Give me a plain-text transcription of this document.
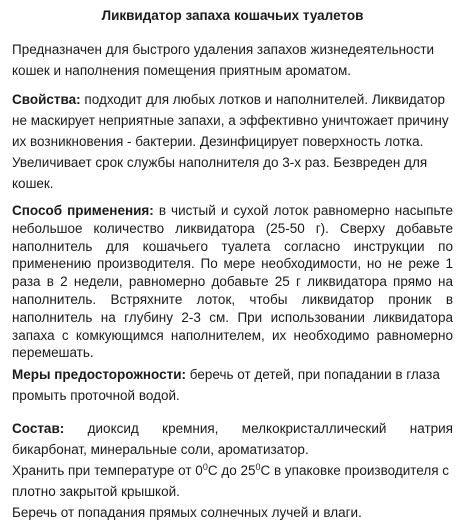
Ликвидатор запаха кошачьих туалетов

Предназначен для быстрого удаления запахов жизнедеятельности кошек и наполнения помещения приятным ароматом.

Свойства: подходит для любых лотков и наполнителей. Ликвидатор не маскирует неприятные запахи, а эффективно уничтожает причину их возникновения - бактерии. Дезинфицирует поверхность лотка. Увеличивает срок службы наполнителя до 3-х раз. Безвреден для кошек.

Способ применения: в чистый и сухой лоток равномерно насыпьте небольшое количество ликвидатора (25-50 г). Сверху добавьте наполнитель для кошачьего туалета согласно инструкции по применению производителя. По мере необходимости, но не реже 1 раза в 2 недели, равномерно добавьте 25 г ликвидатора прямо на наполнитель. Встряхните лоток, чтобы ликвидатор проник в наполнитель на глубину 2-3 см. При использовании ликвидатора запаха с комкующимся наполнителем, их необходимо равномерно перемешать.

Меры предосторожности: беречь от детей, при попадании в глаза промыть проточной водой.

Состав: диоксид кремния, мелкокристаллический натрия бикарбонат, минеральные соли, ароматизатор.

Хранить при температуре от $0^0С$ до $25^0С$ в упаковке производителя с плотно закрытой крышкой.

Беречь от попадания прямых солнечных лучей и влаги.
